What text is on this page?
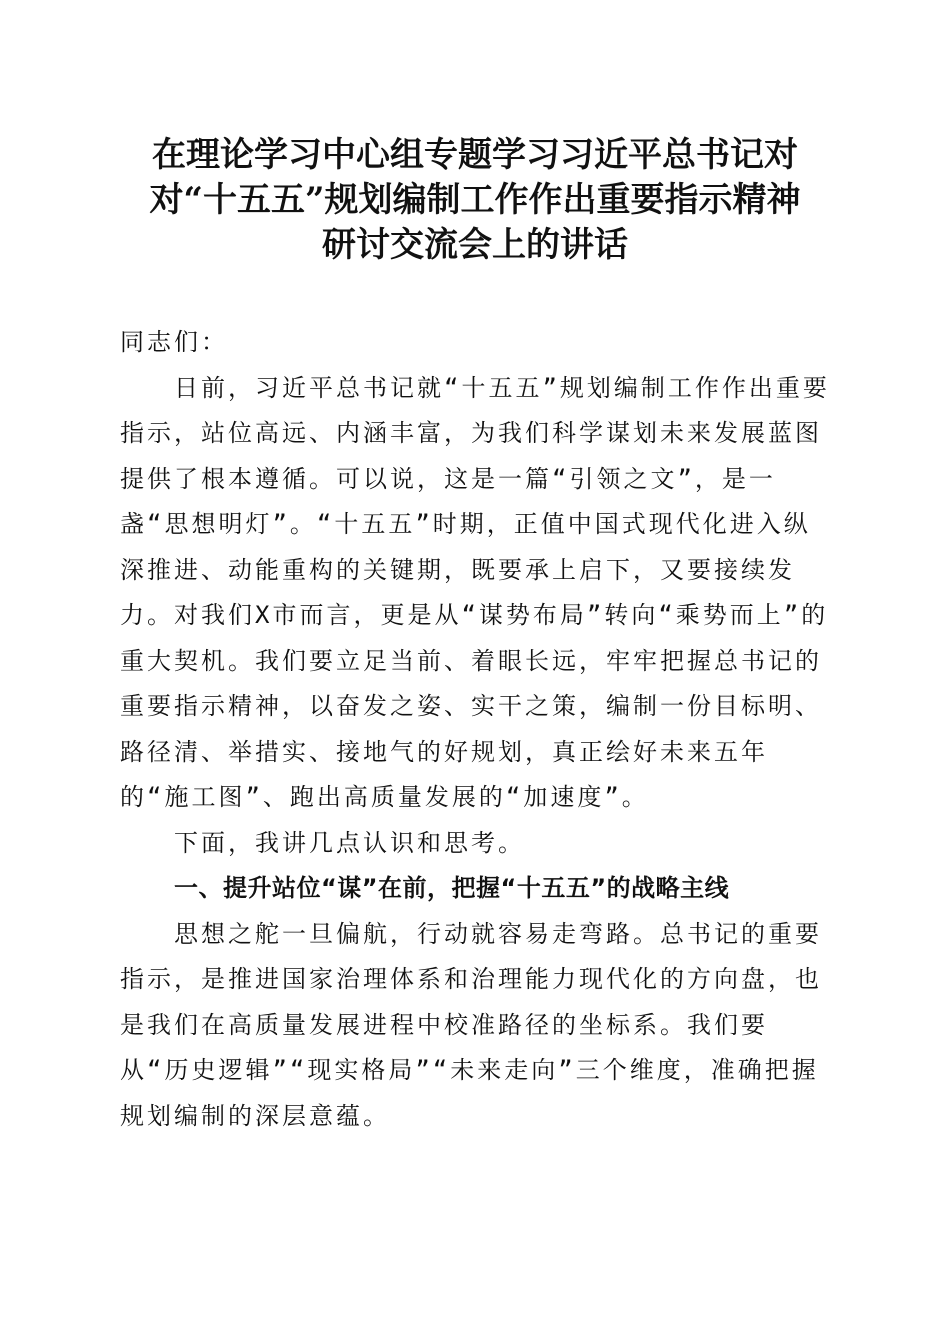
在理论学习中心组专题学习习近平总书记对
对“十五五”规划编制工作作出重要指示精神
研讨交流会上的讲话

同志们：

日前，习近平总书记就“十五五”规划编制工作作出重要指示，站位高远、内涵丰富，为我们科学谋划未来发展蓝图提供了根本遵循。可以说，这是一篇“引领之文”，是一盏“思想明灯”。“十五五”时期，正值中国式现代化进入纵深推进、动能重构的关键期，既要承上启下，又要接续发力。对我们X市而言，更是从“谋势布局”转向“乘势而上”的重大契机。我们要立足当前、着眼长远，牢牢把握总书记的重要指示精神，以奋发之姿、实干之策，编制一份目标明、路径清、举措实、接地气的好规划，真正绘好未来五年的“施工图”、跑出高质量发展的“加速度”。

下面，我讲几点认识和思考。

一、提升站位“谋”在前，把握“十五五”的战略主线

思想之舵一旦偏航，行动就容易走弯路。总书记的重要指示，是推进国家治理体系和治理能力现代化的方向盘，也是我们在高质量发展进程中校准路径的坐标系。我们要从“历史逻辑”“现实格局”“未来走向”三个维度，准确把握规划编制的深层意蕴。
